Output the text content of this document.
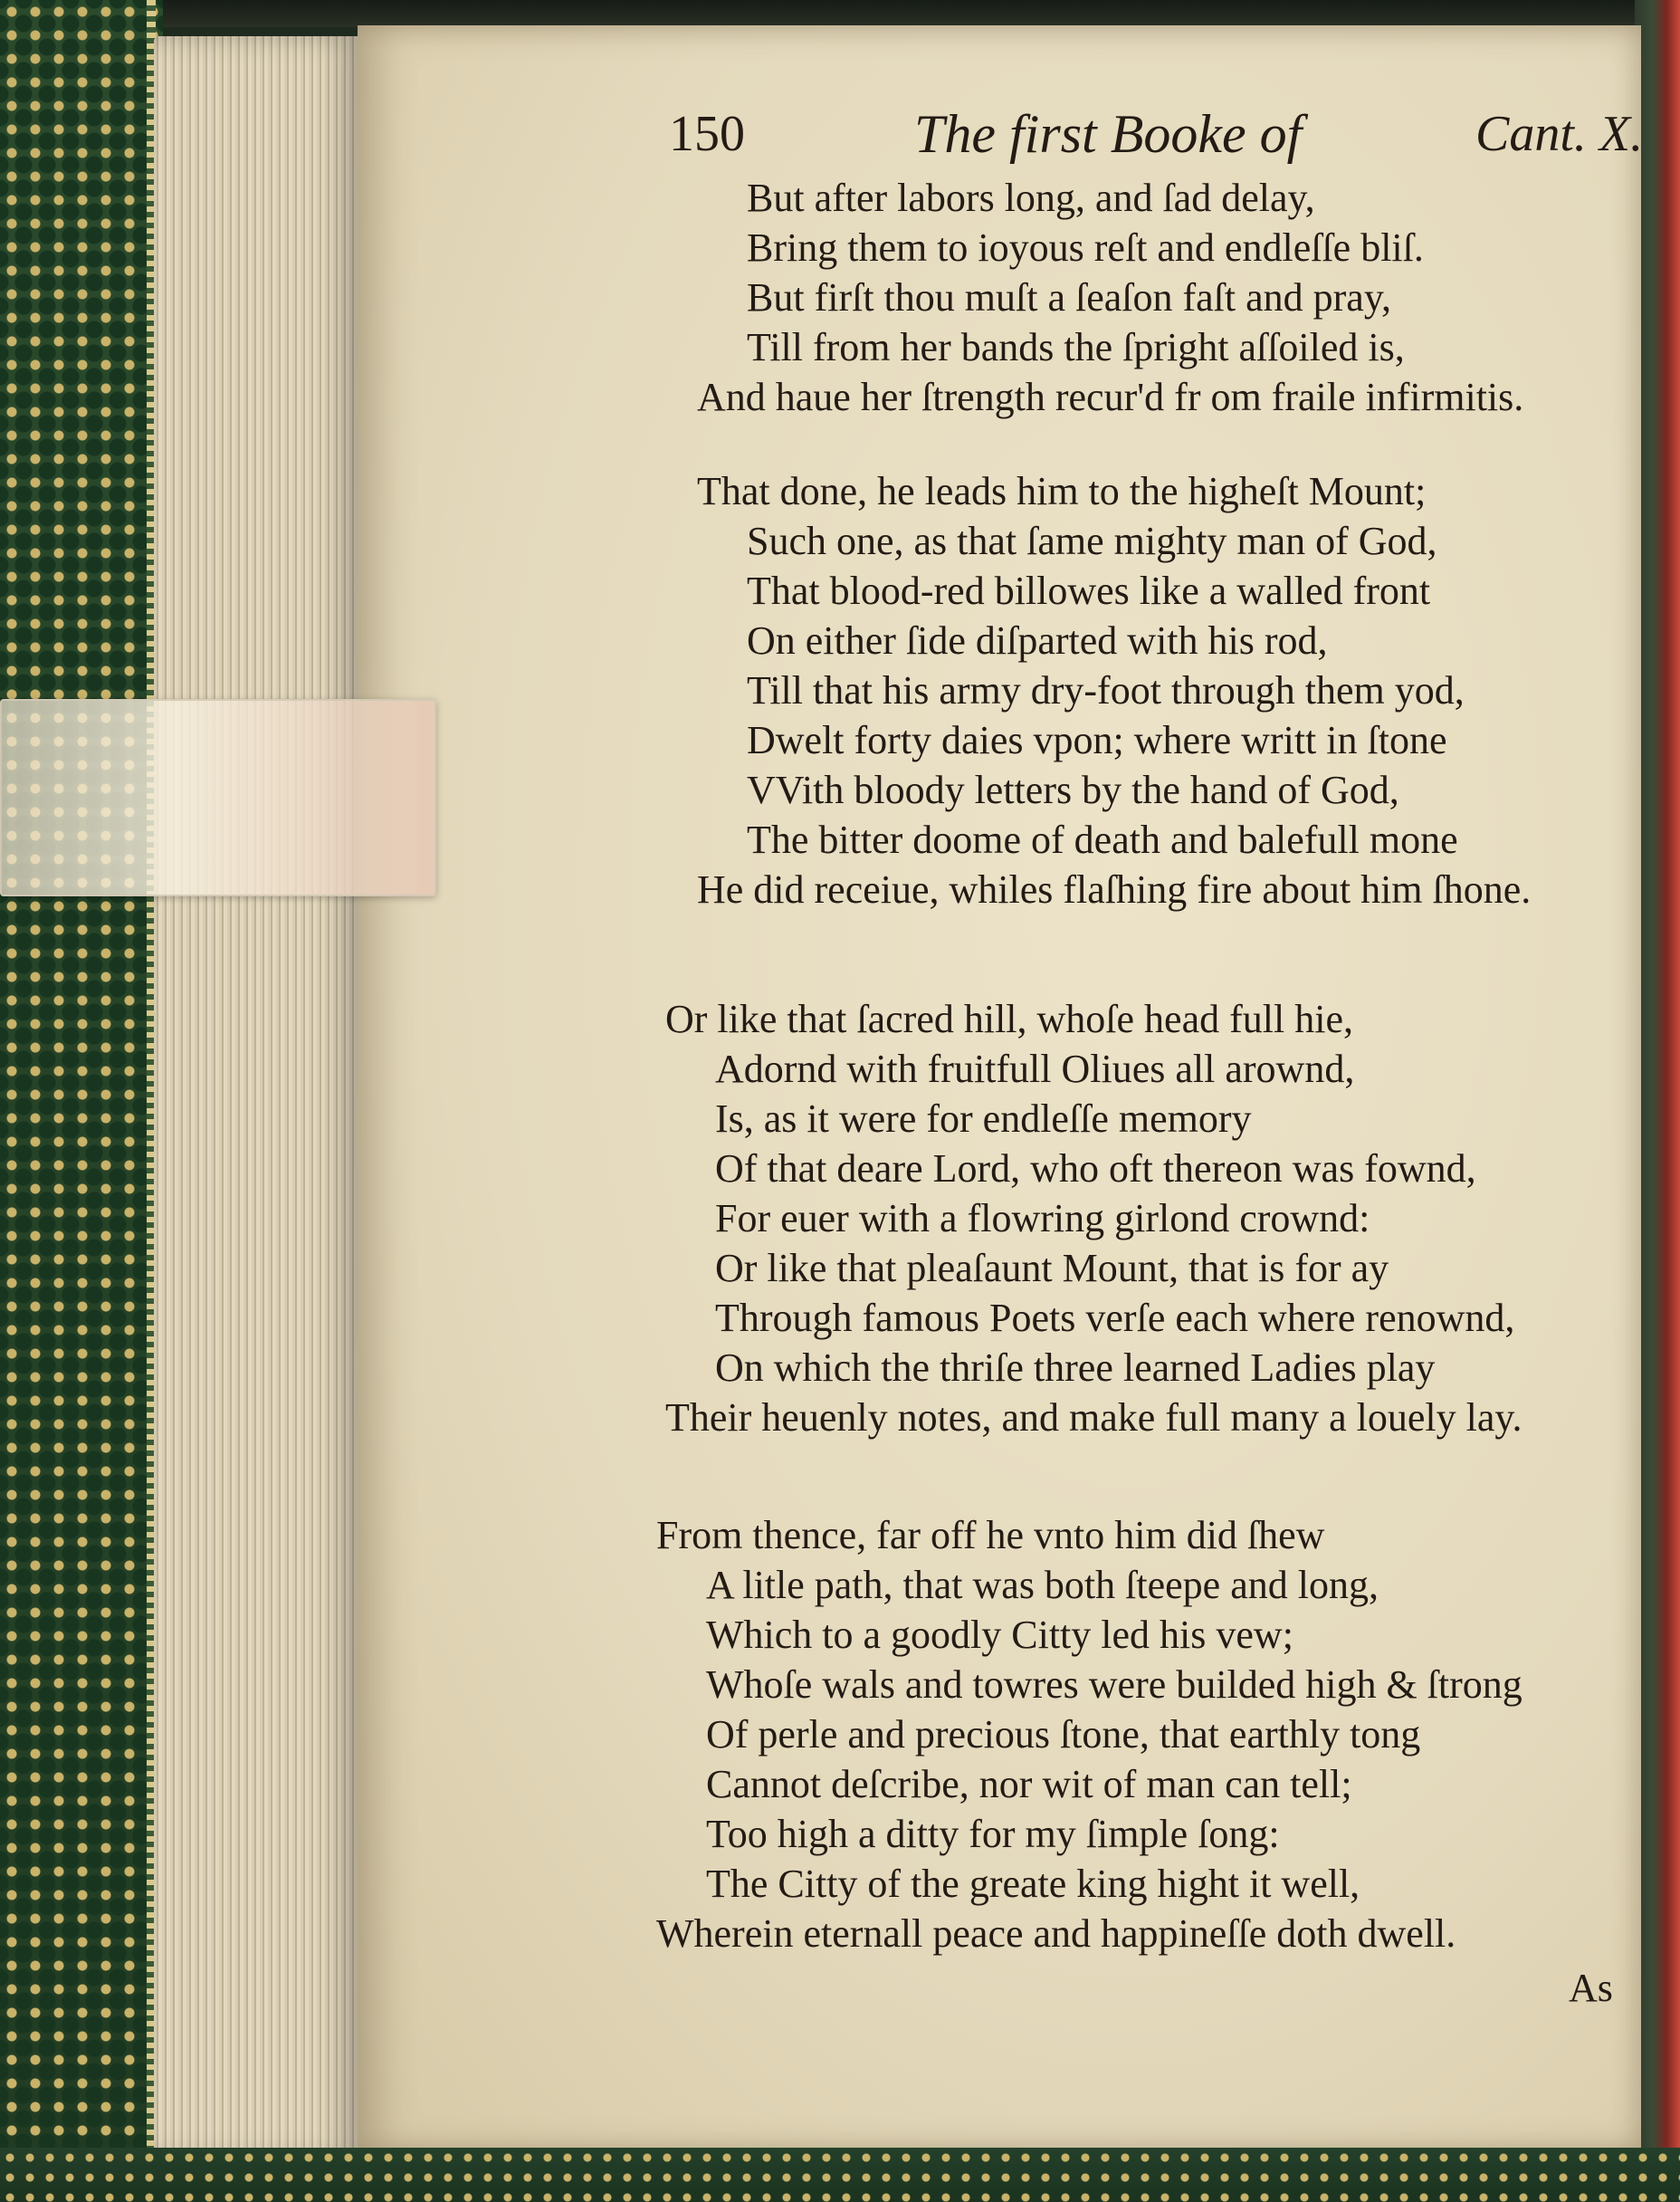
150	The first Booke of	Cant. X.
But after labors long, and ſad delay,
Bring them to ioyous reſt and endleſſe bliſ.
But firſt thou muſt a ſeaſon faſt and pray,
Till from her bands the ſpright aſſoiled is,
And haue her ſtrength recur'd fr om fraile infirmitis.
That done, he leads him to the higheſt Mount;
Such one, as that ſame mighty man of God,
That blood-red billowes like a walled front
On either ſide diſparted with his rod,
Till that his army dry-foot through them yod,
Dwelt forty daies vpon; where writt in ſtone
VVith bloody letters by the hand of God,
The bitter doome of death and balefull mone
He did receiue, whiles flaſhing fire about him ſhone.
Or like that ſacred hill, whoſe head full hie,
Adornd with fruitfull Oliues all arownd,
Is, as it were for endleſſe memory
Of that deare Lord, who oft thereon was fownd,
For euer with a flowring girlond crownd:
Or like that pleaſaunt Mount, that is for ay
Through famous Poets verſe each where renownd,
On which the thriſe three learned Ladies play
Their heuenly notes, and make full many a louely lay.
From thence, far off he vnto him did ſhew
A litle path, that was both ſteepe and long,
Which to a goodly Citty led his vew;
Whoſe wals and towres were builded high & ſtrong
Of perle and precious ſtone, that earthly tong
Cannot deſcribe, nor wit of man can tell;
Too high a ditty for my ſimple ſong:
The Citty of the greate king hight it well,
Wherein eternall peace and happineſſe doth dwell.
As
